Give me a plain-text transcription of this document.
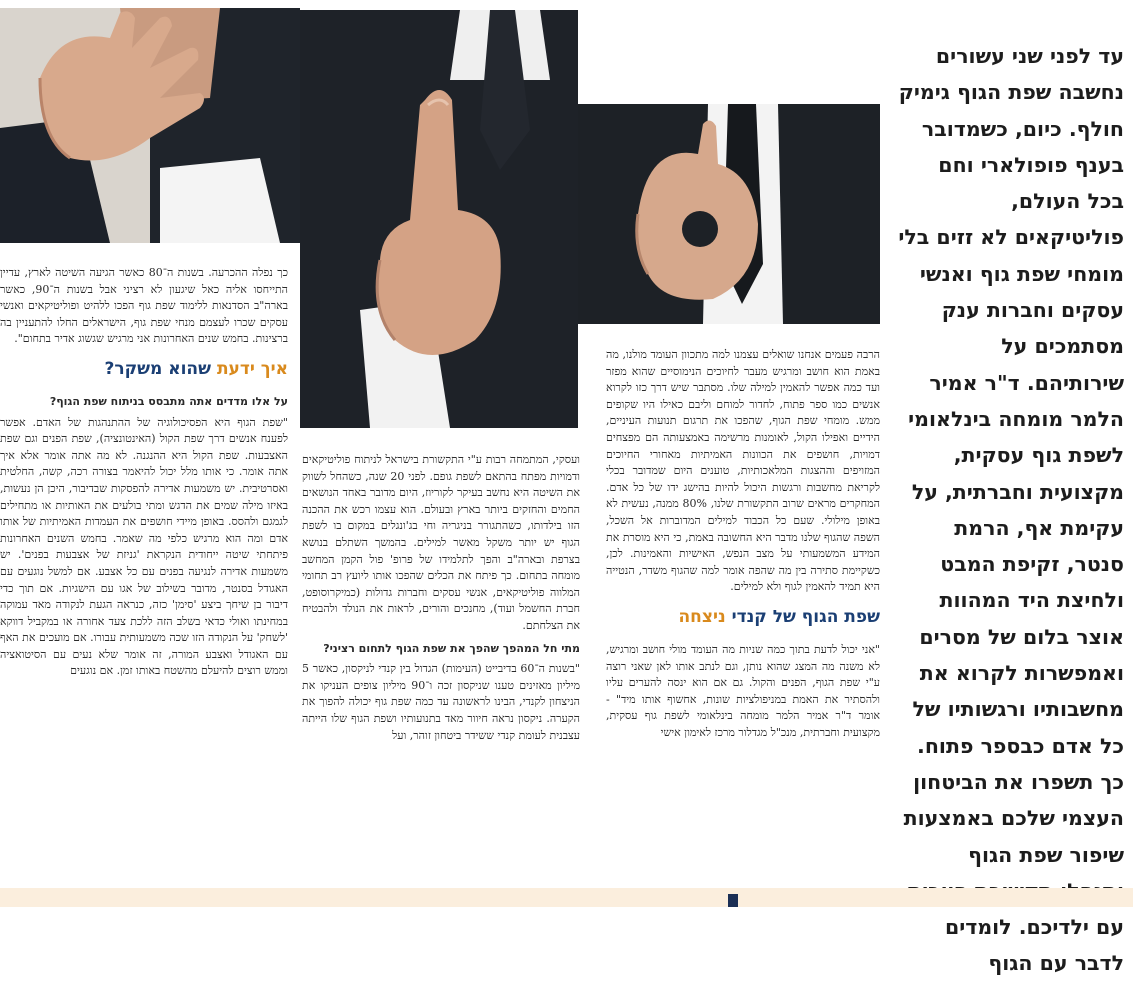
עד לפני שני עשורים נחשבה שפת הגוף גימיק חולף. כיום, כשמדובר בענף פופולארי וחם בכל העולם, פוליטיקאים לא זזים בלי מומחי שפת גוף ואנשי עסקים וחברות ענק מסתמכים על שירותיהם. ד"ר אמיר הלמר מומחה בינלאומי לשפת גוף עסקית, מקצועית וחברתית, על עקימת אף, הרמת סנטר, זקיפת המבט ולחיצת היד המהוות אוצר בלום של מסרים ואמפשרות לקרוא את מחשבותיו ורגשותיו של כל אדם כבספר פתוח. כך תשפרו את הביטחון העצמי שלכם באמצעות שיפור שפת הגוף עם ילדיכם. לומדים לדבר עם הגוף

הרבה פעמים אנחנו שואלים עצמנו למה מתכוון העומד מולנו, מה באמת הוא חושב ומרגיש מעבר לחיוכים הנימוסיים שהוא מפזר ועד כמה אפשר להאמין למילה שלו. מסתבר שיש דרך כזו לקרוא אנשים כמו ספר פתוח, לחדור למוחם וליבם כאילו היו שקופים ממש. מומחי שפת הגוף, שהפכו את תרגום תנועות העיניים, הידיים ואפילו הקול, לאומנות מרשימה באמצעותה הם מפצחים דמויות, חושפים את הכוונות האמיתיות מאחורי החיוכים המזויפים וההצגות המלאכותיות, טוענים היום שמדובר בכלי לקריאת מחשבות ורגשות היכול להיות בהישג ידו של כל אדם. המחקרים מראים שרוב התקשורת שלנו, 80% ממנה, נעשית לא באופן מילולי. שעם כל הכבוד למילים המדוברות אל השכל, השפה שהגוף שלנו מדבר היא החשובה באמת, כי היא מוסרת את המידע המשמעותי על מצב הנפש, האישיות והאמינות. לכן, כשקיימת סתירה בין מה שהפה אומר למה שהגוף משדר, הנטייה היא תמיד להאמין לגוף ולא למילים.

שפת הגוף של קנדי ניצחה

"אני יכול לדעת בתוך כמה שניות מה העומד מולי חושב ומרגיש, לא משנה מה המצג שהוא נותן, וגם לנתב אותו לאן שאני רוצה ע"י שפת הגוף, הפנים והקול. גם אם הוא ינסה להערים עליו ולהסתיר את האמת במניפולציות שונות, אחשוף אותו מיד" - אומר ד"ר אמיר הלמר מומחה בינלאומי לשפת גוף עסקית, מקצועית וחברתית, מנכ"ל מגדלור מרכז לאימון אישי

ועסקי, המתמחה רבות ע"י התקשורת בישראל לניתוח פוליטיקאים ודמויות מפתח בהתאם לשפת גופם. לפני 20 שנה, כשהחל לשווק את השיטה היא נחשב בעיקר לקוריוז, היום מדובר באחד הנושאים החמים והחזקים ביותר בארץ ובעולם. הוא עצמו רכש את ההכנה הזו בילדותו, כשהתגורר בניגריה וחי בג'ונגלים במקום בו לשפת הגוף יש יותר משקל מאשר למילים. בהמשך השתלם בנושא בצרפת ובארה"ב והפך לתלמידו של פרופ' פול הקמן המחשב מומחה בתחום. כך פיתח את הכלים שהפכו אותו ליועץ רב תחומי המלווה פוליטיקאים, אנשי עסקים וחברות גדולות (כמיקרוסופט, חברת החשמל ועוד), מחנכים והורים, לראות את הנולד ולהבטיח את הצלחתם.

מתי חל המהפך שהפך את שפת הגוף לתחום רציני?

"בשנות ה־60 בדיבייט (העימות) הגדול בין קנדי לניקסון, כאשר 5 מיליון מאזינים טענו שניקסון זכה ו־90 מיליון צופים העניקו את הניצחון לקנדי, הבינו לראשונה עד כמה שפת גוף יכולה להפוך את הקערה. ניקסון נראה חיוור מאד בתנועותיו ושפת הגוף שלו הייתה עצבנית לעומת קנדי ששידר ביטחון זוהר, ועל

כך נפלה ההכרעה. בשנות ה־80 כאשר הגיעה השיטה לארץ, עדיין התייחסו אליה כאל שיגעון לא רציני אבל בשנות ה־90, כאשר בארה"ב הסדנאות ללימוד שפת גוף הפכו ללהיט ופוליטיקאים ואנשי עסקים שכרו לעצמם מנחי שפת גוף, הישראלים החלו להתעניין בה ברצינות. בחמש שנים האחרונות אני מרגיש שגשוג אדיר בתחום".

איך ידעת שהוא משקר?

על אלו מדדים אתה מתבסס בניתוח שפת הגוף?

"שפת הגוף היא הפסיכולוגיה של ההתנהגות של האדם. אפשר לפענח אנשים דרך שפת הקול (האינטונציה), שפת הפנים וגם שפת האצבעות. שפת הקול היא ההנגנה. לא מה אתה אומר אלא איך אתה אומר. כי אותו מלל יכול להיאמר בצורה רכה, קשה, החלטית ואסרטיבית. יש משמעות אדירה להפסקות שבדיבור, היכן הן נעשות, באיזו מילה שמים את הדגש ומתי בולעים את האותיות או מתחילים לגמגם ולהסס. באופן מיידי חושפים את העמדות האמיתיות של אותו אדם ומה הוא מרגיש כלפי מה שאמר. בחמש השנים האחרונות פיתחתי שיטה ייחודית הנקראת 'גניזת של אצבעות בפנים'. יש משמעות אדירה לנגיעה בפנים עם כל אצבע. אם למשל נוגעים עם האגודל בסנטר, מדובר בשילוב של אגו עם הישגיות. אם תוך כדי דיבור בן שיחך ביצע 'סימן' כזה, כנראה הגעת לנקודה מאד עמוקה במחינתו ואולי כדאי בשלב הזה ללכת צעד אחורה או במקביל דווקא 'לשחק' על הנקודה הזו שכה משמעותית עבורו. אם מועכים את האף עם האגודל ואצבע המורה, זה אומר שלא נעים עם הסיטואציה וממש רוצים להיעלם מהשטח באותו זמן. אם נוגעים
